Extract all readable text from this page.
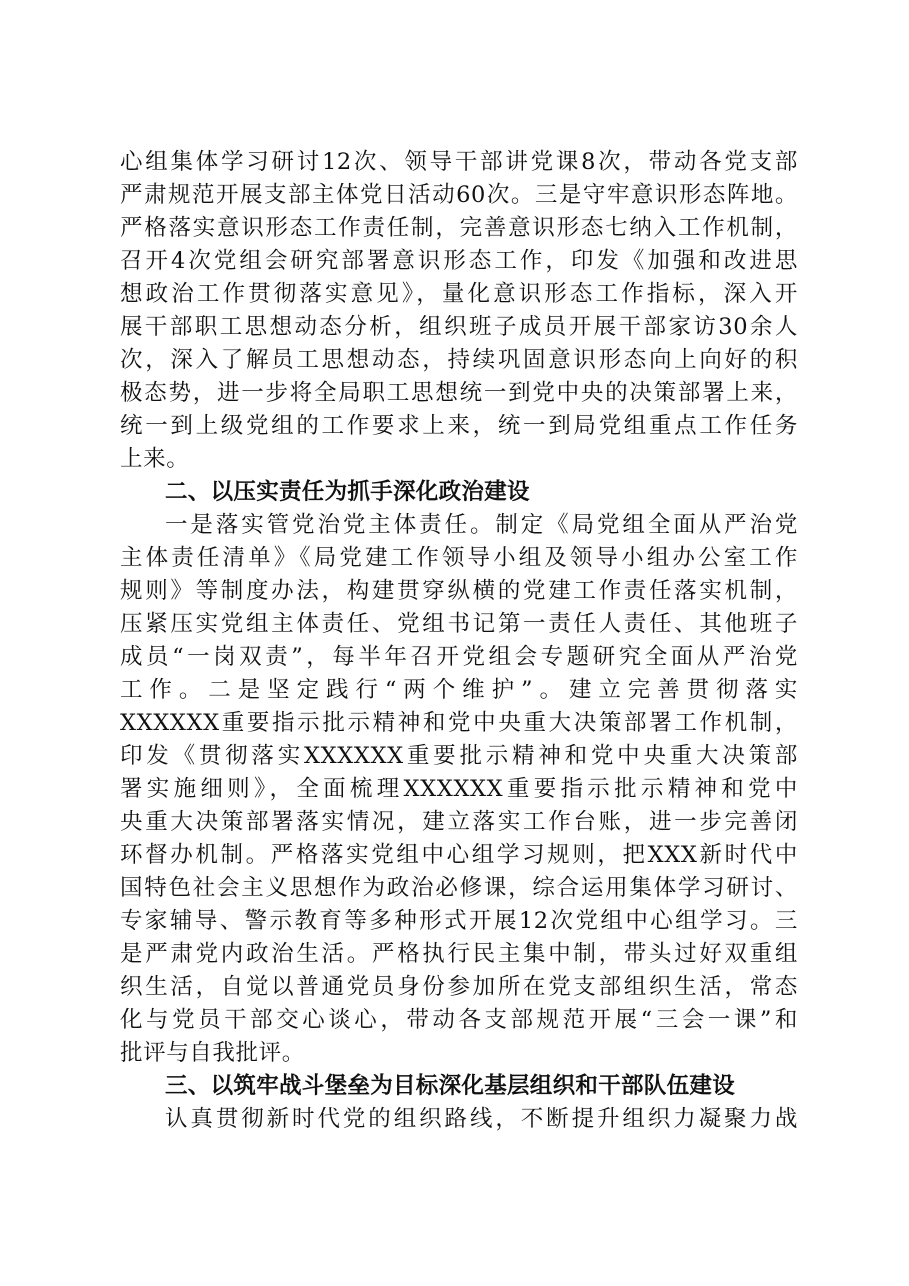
心组集体学习研讨12次、领导干部讲党课8次，带动各党支部
严肃规范开展支部主体党日活动60次。三是守牢意识形态阵地。
严格落实意识形态工作责任制，完善意识形态七纳入工作机制，
召开4次党组会研究部署意识形态工作，印发《加强和改进思
想政治工作贯彻落实意见》，量化意识形态工作指标，深入开
展干部职工思想动态分析，组织班子成员开展干部家访30余人
次，深入了解员工思想动态，持续巩固意识形态向上向好的积
极态势，进一步将全局职工思想统一到党中央的决策部署上来，
统一到上级党组的工作要求上来，统一到局党组重点工作任务
上来。
二、以压实责任为抓手深化政治建设
一是落实管党治党主体责任。制定《局党组全面从严治党
主体责任清单》《局党建工作领导小组及领导小组办公室工作
规则》等制度办法，构建贯穿纵横的党建工作责任落实机制，
压紧压实党组主体责任、党组书记第一责任人责任、其他班子
成员“一岗双责”，每半年召开党组会专题研究全面从严治党
工作。二是坚定践行“两个维护”。建立完善贯彻落实
XXXXXX重要指示批示精神和党中央重大决策部署工作机制，
印发《贯彻落实XXXXXX重要批示精神和党中央重大决策部
署实施细则》，全面梳理XXXXXX重要指示批示精神和党中
央重大决策部署落实情况，建立落实工作台账，进一步完善闭
环督办机制。严格落实党组中心组学习规则，把XXX新时代中
国特色社会主义思想作为政治必修课，综合运用集体学习研讨、
专家辅导、警示教育等多种形式开展12次党组中心组学习。三
是严肃党内政治生活。严格执行民主集中制，带头过好双重组
织生活，自觉以普通党员身份参加所在党支部组织生活，常态
化与党员干部交心谈心，带动各支部规范开展“三会一课”和
批评与自我批评。
三、以筑牢战斗堡垒为目标深化基层组织和干部队伍建设
认真贯彻新时代党的组织路线，不断提升组织力凝聚力战
